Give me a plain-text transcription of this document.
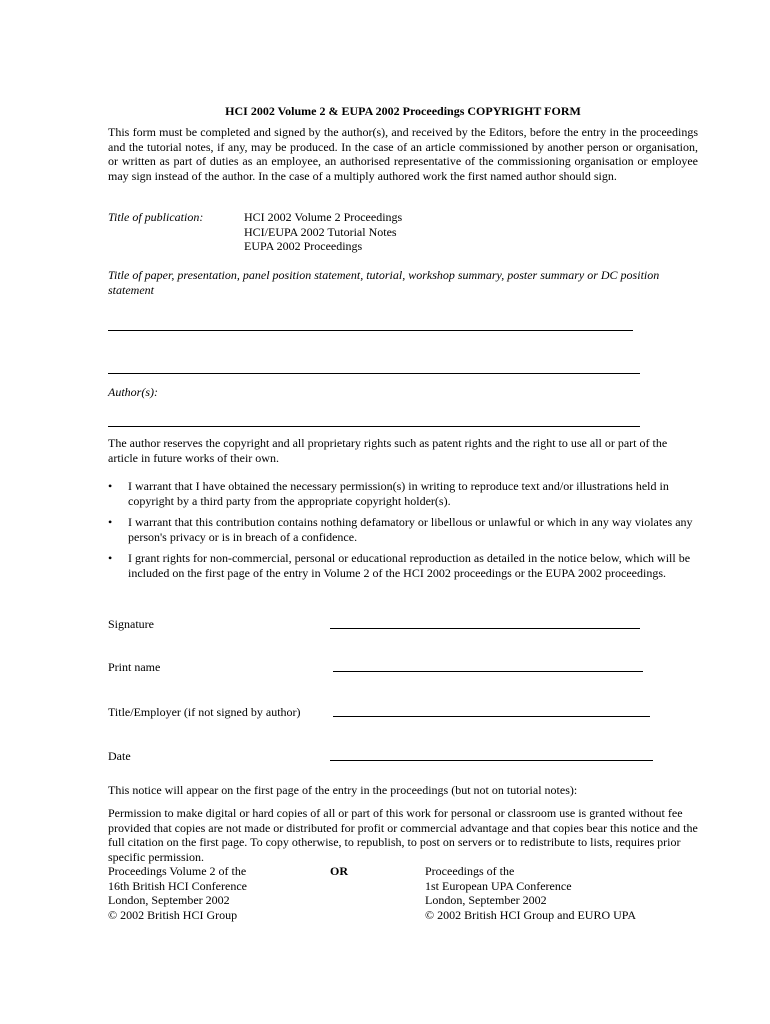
HCI 2002 Volume 2 & EUPA 2002 Proceedings COPYRIGHT FORM
This form must be completed and signed by the author(s), and received by the Editors, before the entry in the proceedings and the tutorial notes, if any, may be produced. In the case of an article commissioned by another person or organisation, or written as part of duties as an employee, an authorised representative of the commissioning organisation or employee may sign instead of the author. In the case of a multiply authored work the first named author should sign.
Title of publication:	HCI 2002 Volume 2 Proceedings
HCI/EUPA 2002 Tutorial Notes
EUPA 2002 Proceedings
Title of paper, presentation, panel position statement, tutorial, workshop summary, poster summary or DC position statement
Author(s):
The author reserves the copyright and all proprietary rights such as patent rights and the right to use all or part of the article in future works of their own.
• I warrant that I have obtained the necessary permission(s) in writing to reproduce text and/or illustrations held in copyright by a third party from the appropriate copyright holder(s).
• I warrant that this contribution contains nothing defamatory or libellous or unlawful or which in any way violates any person's privacy or is in breach of a confidence.
• I grant rights for non-commercial, personal or educational reproduction as detailed in the notice below, which will be included on the first page of the entry in Volume 2 of the HCI 2002 proceedings or the EUPA 2002 proceedings.
Signature
Print name
Title/Employer (if not signed by author)
Date
This notice will appear on the first page of the entry in the proceedings (but not on tutorial notes):
Permission to make digital or hard copies of all or part of this work for personal or classroom use is granted without fee provided that copies are not made or distributed for profit or commercial advantage and that copies bear this notice and the full citation on the first page. To copy otherwise, to republish, to post on servers or to redistribute to lists, requires prior specific permission.
Proceedings Volume 2 of the
16th British HCI Conference
London, September 2002
© 2002 British HCI Group
OR	Proceedings of the
1st European UPA Conference
London, September 2002
© 2002 British HCI Group and EURO UPA
